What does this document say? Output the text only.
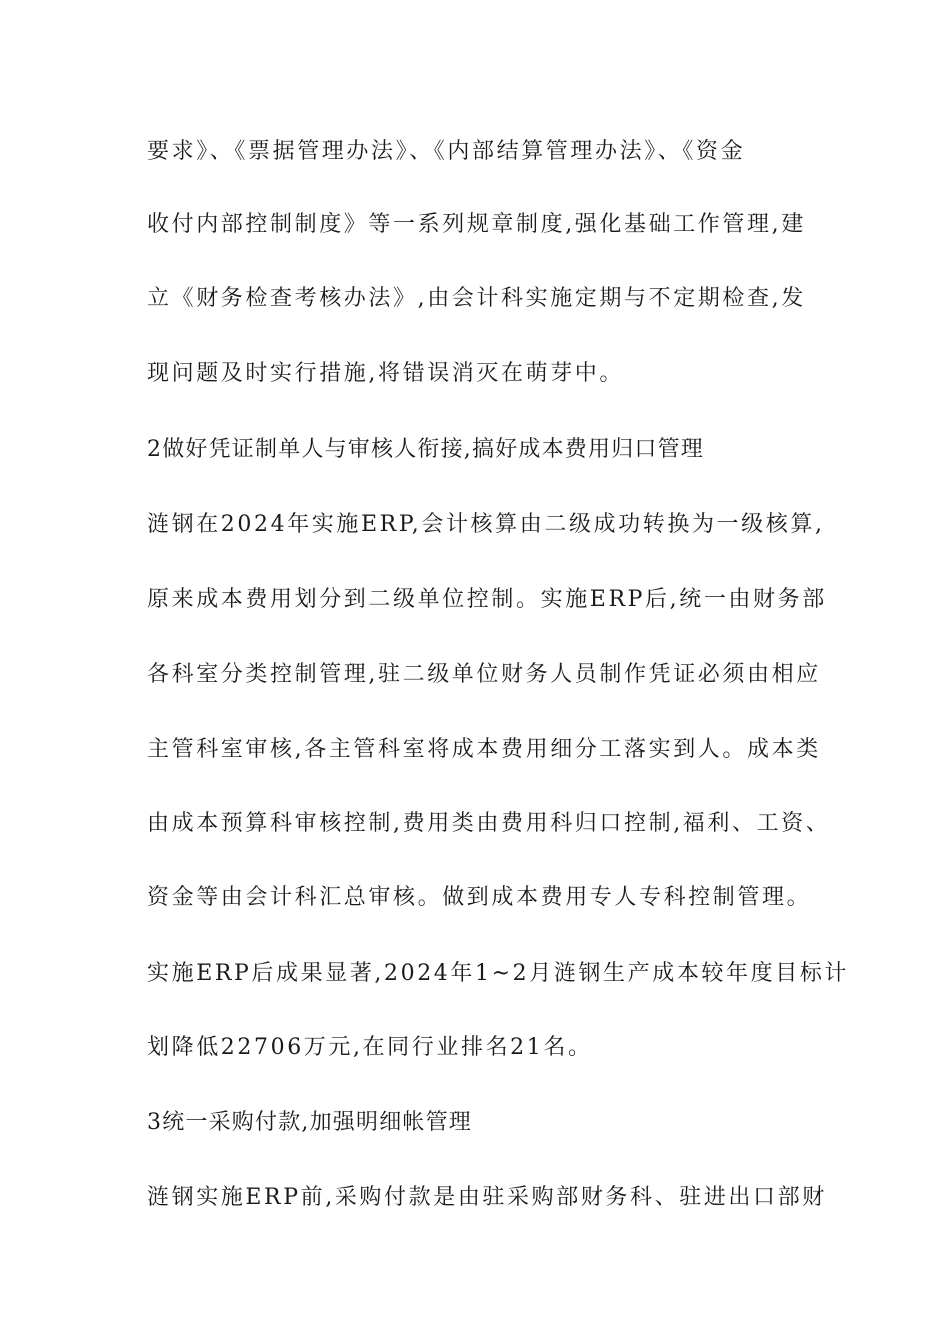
要求》、《票据管理办法》、《内部结算管理办法》、《资金
收付内部控制制度》等一系列规章制度,强化基础工作管理,建
立《财务检查考核办法》,由会计科实施定期与不定期检查,发
现问题及时实行措施,将错误消灭在萌芽中。
2做好凭证制单人与审核人衔接,搞好成本费用归口管理
涟钢在2024年实施ERP,会计核算由二级成功转换为一级核算,
原来成本费用划分到二级单位控制。实施ERP后,统一由财务部
各科室分类控制管理,驻二级单位财务人员制作凭证必须由相应
主管科室审核,各主管科室将成本费用细分工落实到人。成本类
由成本预算科审核控制,费用类由费用科归口控制,福利、工资、
资金等由会计科汇总审核。做到成本费用专人专科控制管理。
实施ERP后成果显著,2024年1~2月涟钢生产成本较年度目标计
划降低22706万元,在同行业排名21名。
3统一采购付款,加强明细帐管理
涟钢实施ERP前,采购付款是由驻采购部财务科、驻进出口部财
